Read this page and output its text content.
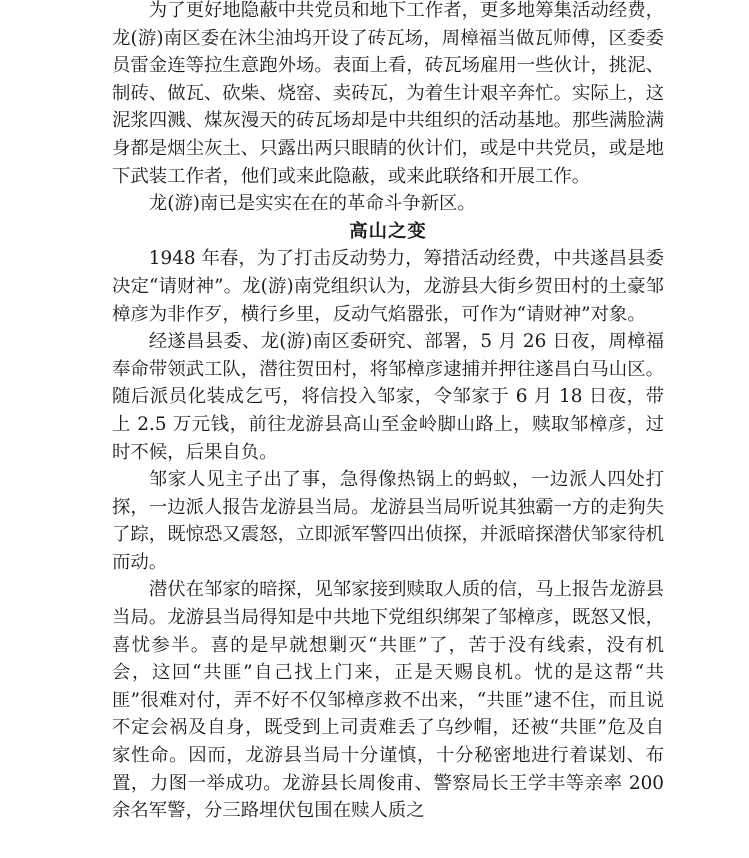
为了更好地隐蔽中共党员和地下工作者，更多地筹集活动经费，龙(游)南区委在沐尘油坞开设了砖瓦场，周樟福当做瓦师傅，区委委员雷金连等拉生意跑外场。表面上看，砖瓦场雇用一些伙计，挑泥、制砖、做瓦、砍柴、烧窑、卖砖瓦，为着生计艰辛奔忙。实际上，这泥浆四溅、煤灰漫天的砖瓦场却是中共组织的活动基地。那些满脸满身都是烟尘灰土、只露出两只眼睛的伙计们，或是中共党员，或是地下武装工作者，他们或来此隐蔽，或来此联络和开展工作。

龙(游)南已是实实在在的革命斗争新区。

高山之变

1948 年春，为了打击反动势力，筹措活动经费，中共遂昌县委决定“请财神”。龙(游)南党组织认为，龙游县大街乡贺田村的土豪邹樟彦为非作歹，横行乡里，反动气焰嚣张，可作为“请财神”对象。

经遂昌县委、龙(游)南区委研究、部署，5 月 26 日夜，周樟福奉命带领武工队，潜往贺田村，将邹樟彦逮捕并押往遂昌白马山区。随后派员化装成乞丐，将信投入邹家，令邹家于 6 月 18 日夜，带上 2.5 万元钱，前往龙游县高山至金岭脚山路上，赎取邹樟彦，过时不候，后果自负。

邹家人见主子出了事，急得像热锅上的蚂蚁，一边派人四处打探，一边派人报告龙游县当局。龙游县当局听说其独霸一方的走狗失了踪，既惊恐又震怒，立即派军警四出侦探，并派暗探潜伏邹家待机而动。

潜伏在邹家的暗探，见邹家接到赎取人质的信，马上报告龙游县当局。龙游县当局得知是中共地下党组织绑架了邹樟彦，既怒又恨，喜忧参半。喜的是早就想剿灭“共匪”了，苦于没有线索，没有机会，这回“共匪”自己找上门来，正是天赐良机。忧的是这帮“共匪”很难对付，弄不好不仅邹樟彦救不出来，“共匪”逮不住，而且说不定会祸及自身，既受到上司责难丢了乌纱帽，还被“共匪”危及自家性命。因而，龙游县当局十分谨慎，十分秘密地进行着谋划、布置，力图一举成功。龙游县长周俊甫、警察局长王学丰等亲率 200 余名军警，分三路埋伏包围在赎人质之
